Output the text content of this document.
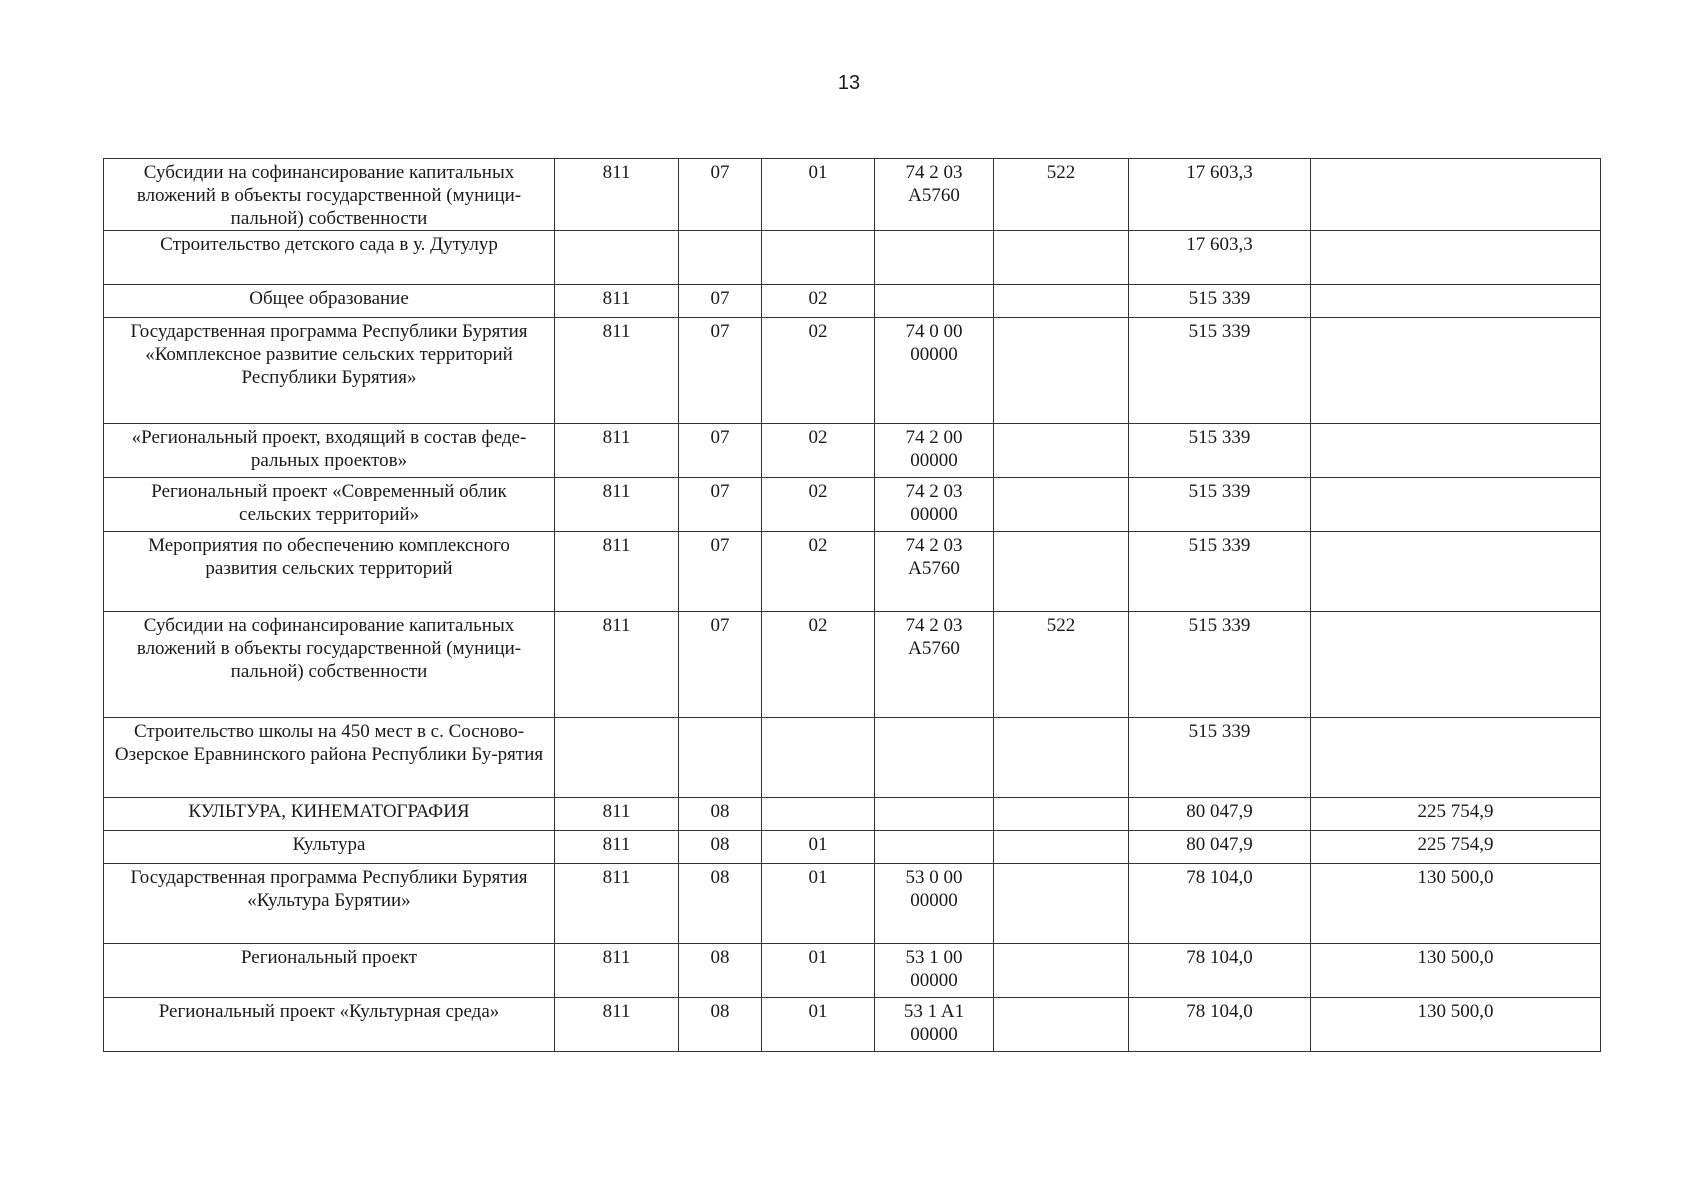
13
Субсидии на софинансирование капитальных вложений в объекты государственной (муници-пальной) собственности	811	07	01	74 2 03 А5760	522	17 603,3	
Строительство детского сада в у. Дутулур						17 603,3	
Общее образование	811	07	02			515 339	
Государственная программа Республики Бурятия «Комплексное развитие сельских территорий Республики Бурятия»	811	07	02	74 0 00 00000		515 339	
«Региональный проект, входящий в состав феде-ральных проектов»	811	07	02	74 2 00 00000		515 339	
Региональный проект «Современный облик сельских территорий»	811	07	02	74 2 03 00000		515 339	
Мероприятия по обеспечению комплексного развития сельских территорий	811	07	02	74 2 03 А5760		515 339	
Субсидии на софинансирование капитальных вложений в объекты государственной (муници-пальной) собственности	811	07	02	74 2 03 А5760	522	515 339	
Строительство школы на 450 мест в с. Сосново-Озерское Еравнинского района Республики Бу-рятия						515 339	
КУЛЬТУРА, КИНЕМАТОГРАФИЯ	811	08				80 047,9	225 754,9
Культура	811	08	01			80 047,9	225 754,9
Государственная программа Республики Бурятия «Культура Бурятии»	811	08	01	53 0 00 00000		78 104,0	130 500,0
Региональный проект	811	08	01	53 1 00 00000		78 104,0	130 500,0
Региональный проект «Культурная среда»	811	08	01	53 1 A1 00000		78 104,0	130 500,0
